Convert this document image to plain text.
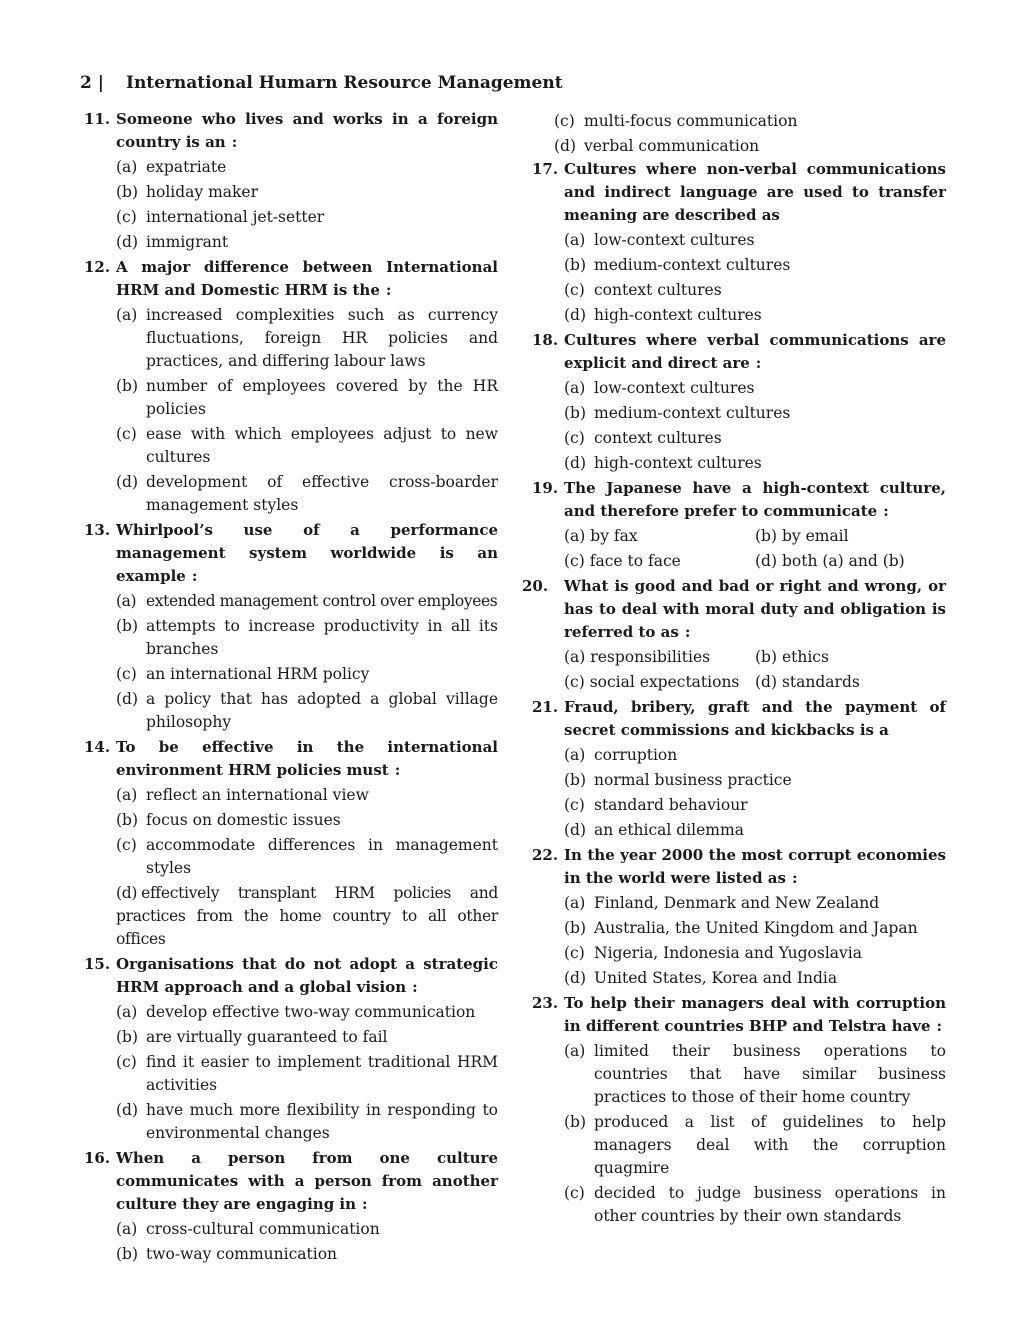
2 | International Humarn Resource Management
11. Someone who lives and works in a foreign country is an :
(a) expatriate
(b) holiday maker
(c) international jet-setter
(d) immigrant
12. A major difference between International HRM and Domestic HRM is the :
(a) increased complexities such as currency fluctuations, foreign HR policies and practices, and differing labour laws
(b) number of employees covered by the HR policies
(c) ease with which employees adjust to new cultures
(d) development of effective cross-boarder management styles
13. Whirlpool’s use of a performance management system worldwide is an example :
(a) extended management control over employees
(b) attempts to increase productivity in all its branches
(c) an international HRM policy
(d) a policy that has adopted a global village philosophy
14. To be effective in the international environment HRM policies must :
(a) reflect an international view
(b) focus on domestic issues
(c) accommodate differences in management styles
(d) effectively transplant HRM policies and practices from the home country to all other offices
15. Organisations that do not adopt a strategic HRM approach and a global vision :
(a) develop effective two-way communication
(b) are virtually guaranteed to fail
(c) find it easier to implement traditional HRM activities
(d) have much more flexibility in responding to environmental changes
16. When a person from one culture communicates with a person from another culture they are engaging in :
(a) cross-cultural communication
(b) two-way communication
(c) multi-focus communication
(d) verbal communication
17. Cultures where non-verbal communications and indirect language are used to transfer meaning are described as
(a) low-context cultures
(b) medium-context cultures
(c) context cultures
(d) high-context cultures
18. Cultures where verbal communications are explicit and direct are :
(a) low-context cultures
(b) medium-context cultures
(c) context cultures
(d) high-context cultures
19. The Japanese have a high-context culture, and therefore prefer to communicate :
(a) by fax	(b) by email
(c) face to face	(d) both (a) and (b)
20. What is good and bad or right and wrong, or has to deal with moral duty and obligation is referred to as :
(a) responsibilities	(b) ethics
(c) social expectations	(d) standards
21. Fraud, bribery, graft and the payment of secret commissions and kickbacks is a
(a) corruption
(b) normal business practice
(c) standard behaviour
(d) an ethical dilemma
22. In the year 2000 the most corrupt economies in the world were listed as :
(a) Finland, Denmark and New Zealand
(b) Australia, the United Kingdom and Japan
(c) Nigeria, Indonesia and Yugoslavia
(d) United States, Korea and India
23. To help their managers deal with corruption in different countries BHP and Telstra have :
(a) limited their business operations to countries that have similar business practices to those of their home country
(b) produced a list of guidelines to help managers deal with the corruption quagmire
(c) decided to judge business operations in other countries by their own standards
